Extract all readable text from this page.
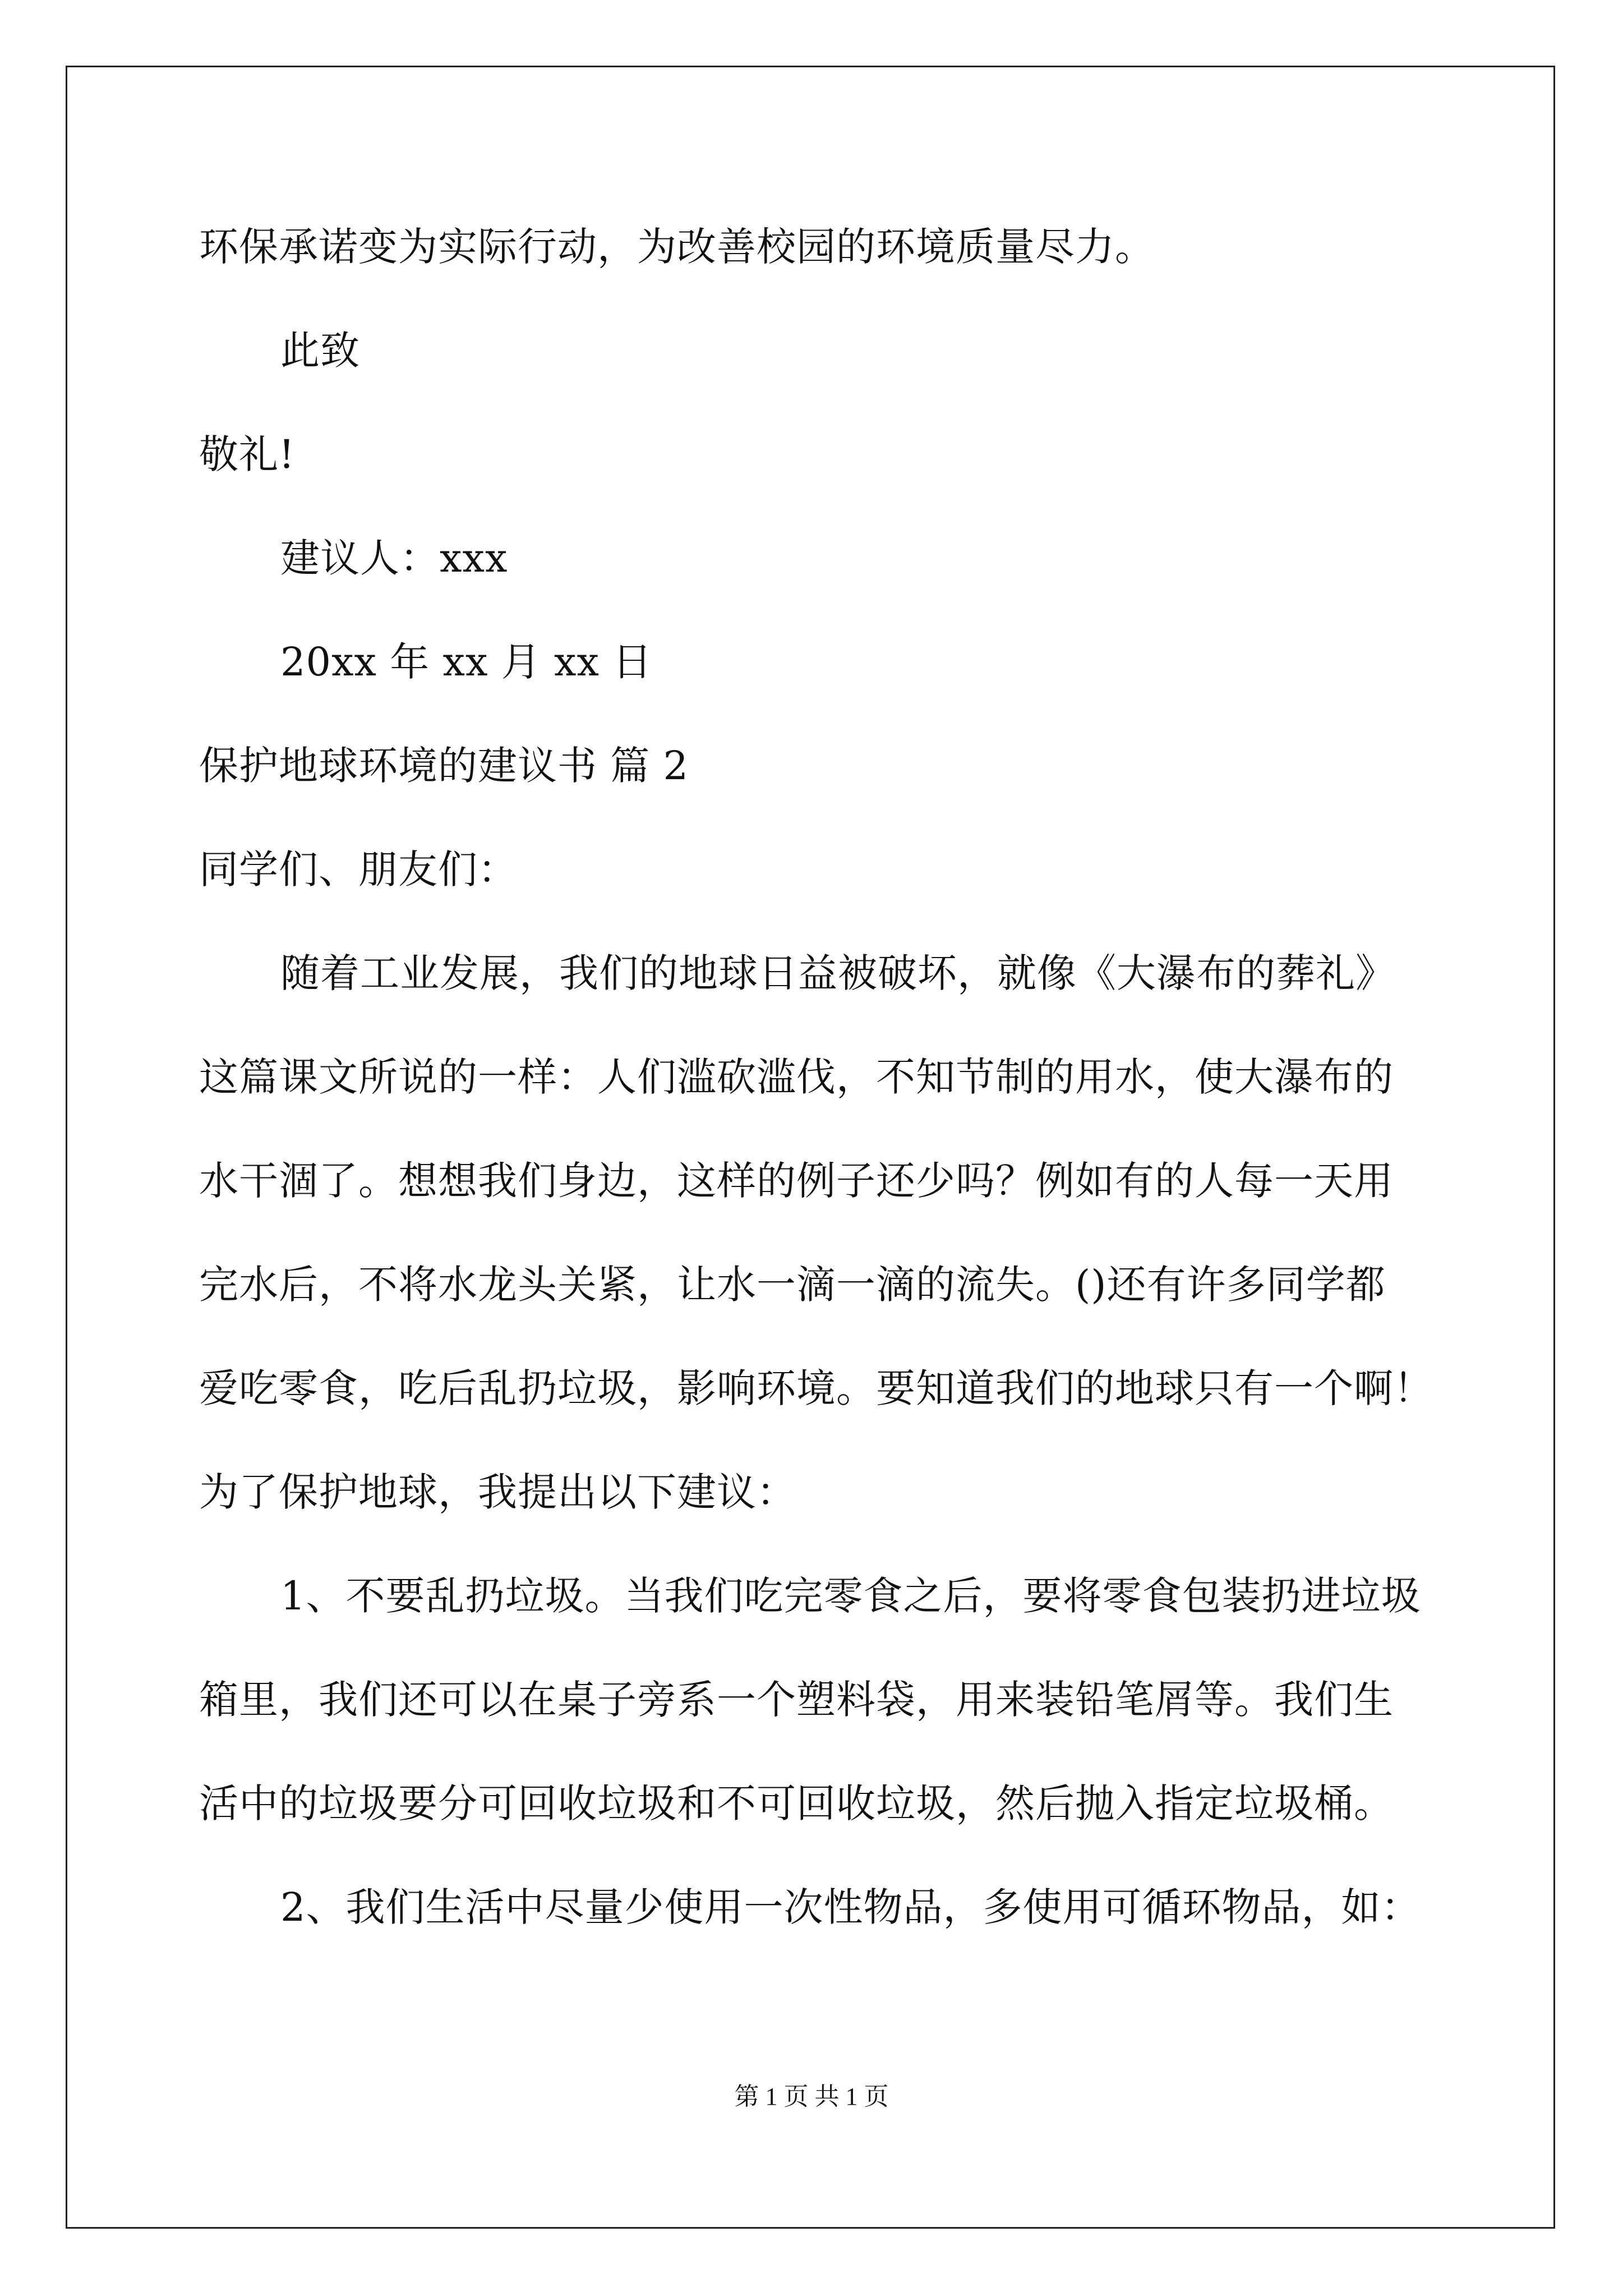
环保承诺变为实际行动，为改善校园的环境质量尽力。
此致
敬礼!
建议人：xxx
20xx 年 xx 月 xx 日
保护地球环境的建议书 篇 2
同学们、朋友们：
随着工业发展，我们的地球日益被破坏，就像《大瀑布的葬礼》
这篇课文所说的一样：人们滥砍滥伐，不知节制的用水，使大瀑布的
水干涸了。想想我们身边，这样的例子还少吗？例如有的人每一天用
完水后，不将水龙头关紧，让水一滴一滴的流失。()还有许多同学都
爱吃零食，吃后乱扔垃圾，影响环境。要知道我们的地球只有一个啊！
为了保护地球，我提出以下建议：
1、不要乱扔垃圾。当我们吃完零食之后，要将零食包装扔进垃圾
箱里，我们还可以在桌子旁系一个塑料袋，用来装铅笔屑等。我们生
活中的垃圾要分可回收垃圾和不可回收垃圾，然后抛入指定垃圾桶。
2、我们生活中尽量少使用一次性物品，多使用可循环物品，如：
第 1 页 共 1 页
